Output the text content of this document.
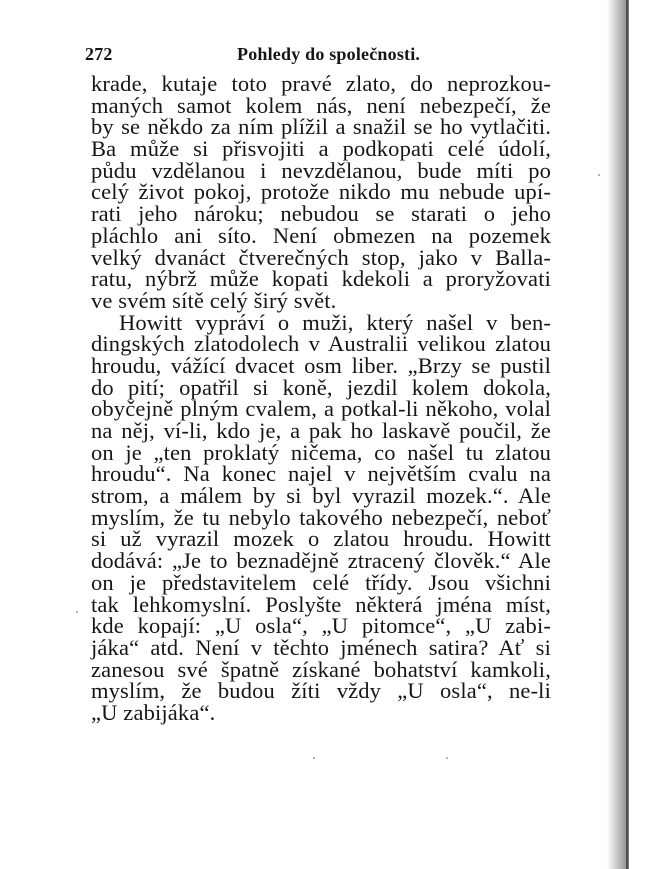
272	Pohledy do společnosti.
krade, kutaje toto pravé zlato, do neprozkou-
maných samot kolem nás, není nebezpečí, že
by se někdo za ním plížil a snažil se ho vytlačiti.
Ba může si přisvojiti a podkopati celé údolí,
půdu vzdělanou i nevzdělanou, bude míti po
celý život pokoj, protože nikdo mu nebude upí-
rati jeho nároku; nebudou se starati o jeho
pláchlo ani síto. Není obmezen na pozemek
velký dvanáct čtverečných stop, jako v Balla-
ratu, nýbrž může kopati kdekoli a proryžovati
ve svém sítě celý širý svět.
Howitt vypráví o muži, který našel v ben-
dingských zlatodolech v Australii velikou zlatou
hroudu, vážící dvacet osm liber. „Brzy se pustil
do pití; opatřil si koně, jezdil kolem dokola,
obyčejně plným cvalem, a potkal-li někoho, volal
na něj, ví-li, kdo je, a pak ho laskavě poučil, že
on je „ten proklatý ničema, co našel tu zlatou
hroudu“. Na konec najel v největším cvalu na
strom, a málem by si byl vyrazil mozek.“. Ale
myslím, že tu nebylo takového nebezpečí, neboť
si už vyrazil mozek o zlatou hroudu. Howitt
dodává: „Je to beznadějně ztracený člověk.“ Ale
on je představitelem celé třídy. Jsou všichni
tak lehkomyslní. Poslyšte některá jména míst,
kde kopají: „U osla“, „U pitomce“, „U zabi-
jáka“ atd. Není v těchto jménech satira? Ať si
zanesou své špatně získané bohatství kamkoli,
myslím, že budou žíti vždy „U osla“, ne-li
„U zabijáka“.
